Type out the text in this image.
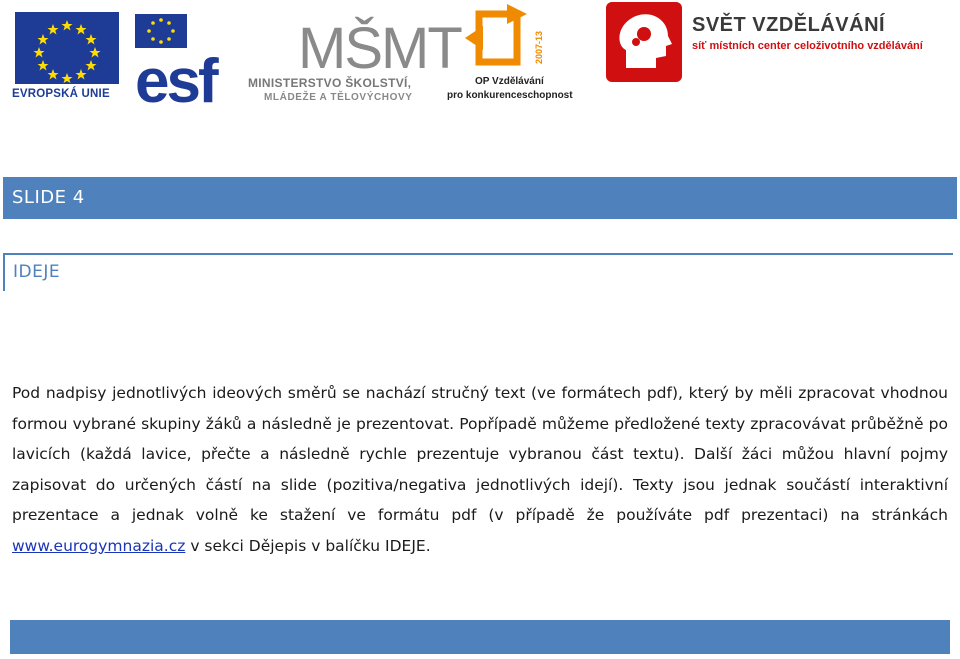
EVROPSKÁ UNIE esf MŠMT
MINISTERSTVO ŠKOLSTVÍ,
MLÁDEŽE A TĚLOVÝCHOVY
2007-13
OP Vzdělávání
pro konkurenceschopnost
SVĚT VZDĚLÁVÁNÍ
síť místních center celoživotního vzdělávání
SLIDE 4
IDEJE
Pod nadpisy jednotlivých ideových směrů se nachází stručný text (ve formátech pdf), který by měli zpracovat vhodnou formou vybrané skupiny žáků a následně je prezentovat. Popřípadě můžeme předložené texty zpracovávat průběžně po lavicích (každá lavice, přečte a následně rychle prezentuje vybranou část textu). Další žáci můžou hlavní pojmy zapisovat do určených částí na slide (pozitiva/negativa jednotlivých idejí). Texty jsou jednak součástí interaktivní prezentace a jednak volně ke stažení ve formátu pdf (v případě že používáte pdf prezentaci) na stránkách www.eurogymnazia.cz v sekci Dějepis v balíčku IDEJE.
